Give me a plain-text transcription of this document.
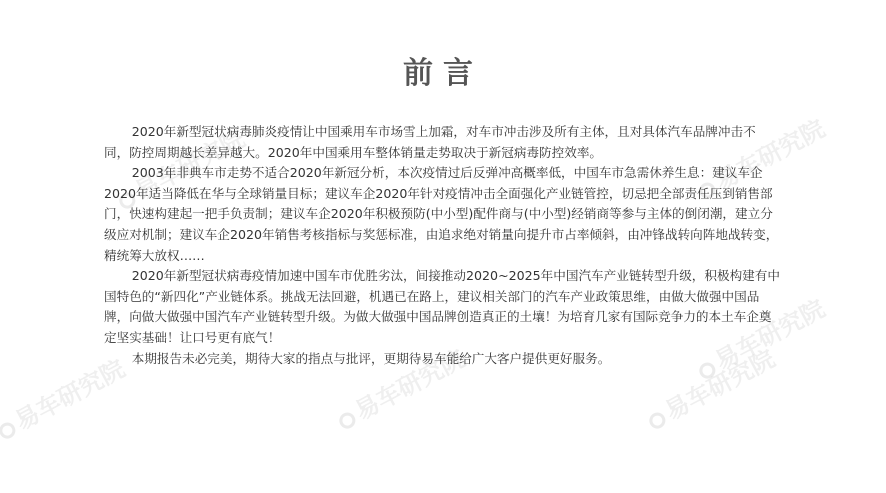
易车研究院	易车研究院
易车研究院	易车研究院	易车研究院
易车研究院
前言

2020年新型冠状病毒肺炎疫情让中国乘用车市场雪上加霜，对车市冲击涉及所有主体，且对具体汽车品牌冲击不同，防控周期越长差异越大。2020年中国乘用车整体销量走势取决于新冠病毒防控效率。

2003年非典车市走势不适合2020年新冠分析，本次疫情过后反弹冲高概率低，中国车市急需休养生息：建议车企2020年适当降低在华与全球销量目标；建议车企2020年针对疫情冲击全面强化产业链管控，切忌把全部责任压到销售部门，快速构建起一把手负责制；建议车企2020年积极预防(中小型)配件商与(中小型)经销商等参与主体的倒闭潮，建立分级应对机制；建议车企2020年销售考核指标与奖惩标准，由追求绝对销量向提升市占率倾斜，由冲锋战转向阵地战转变，精统筹大放权……

2020年新型冠状病毒疫情加速中国车市优胜劣汰，间接推动2020~2025年中国汽车产业链转型升级，积极构建有中国特色的“新四化”产业链体系。挑战无法回避，机遇已在路上，建议相关部门的汽车产业政策思维，由做大做强中国品牌，向做大做强中国汽车产业链转型升级。为做大做强中国品牌创造真正的土壤！为培育几家有国际竞争力的本土车企奠定坚实基础！让口号更有底气！

本期报告未必完美，期待大家的指点与批评，更期待易车能给广大客户提供更好服务。
